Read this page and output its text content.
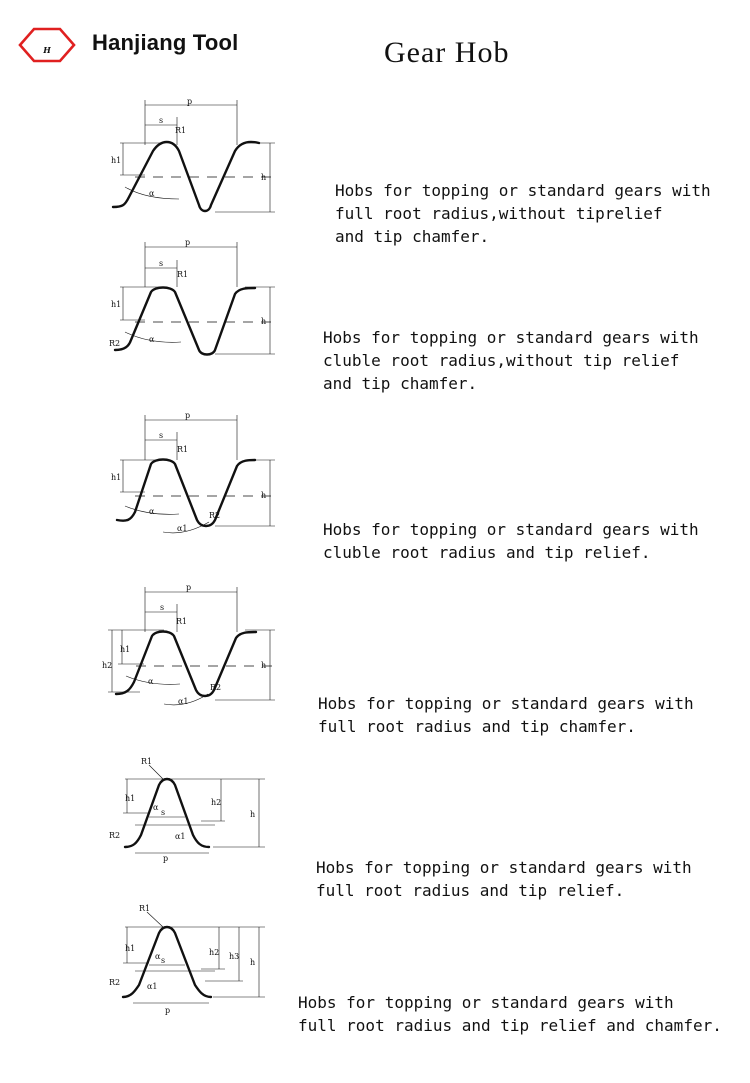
H Hanjiang Tool	Gear Hob
p
s
R1
h1
h
α

	Hobs for topping or standard gears with
full root radius,without tiprelief
and tip chamfer.

p
s
R1
h1
h
R2	α

	Hobs for topping or standard gears with
cluble root radius,without tip relief
and tip chamfer.

p
s
R1
h1
h
α
α1
R2

Hobs for topping or standard gears with
cluble root radius and tip relief.

p
s
R1
h1
h2	h
α
α1
R2

Hobs for topping or standard gears with
full root radius and tip chamfer.

R1
h1	h2
h
s
p
α
α1
R2

Hobs for topping or standard gears with
full root radius and tip relief.

R1
h1	h2 h3
h
s
p
α
α1
R2

Hobs for topping or standard gears with
full root radius and tip relief and chamfer.
